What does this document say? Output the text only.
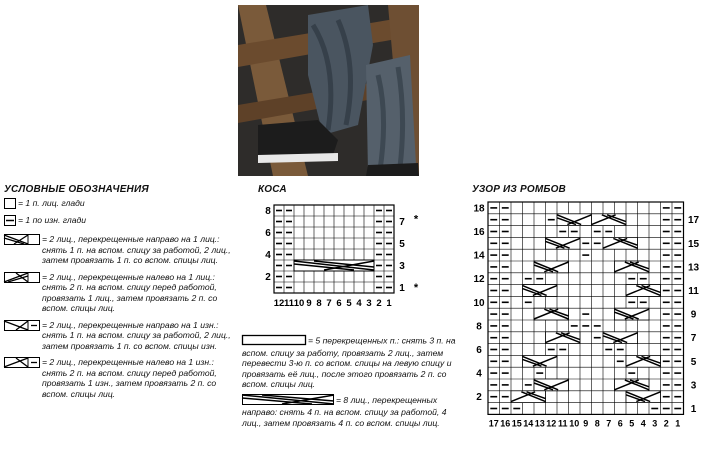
УСЛОВНЫЕ ОБОЗНАЧЕНИЯ
= 1 п. лиц. глади
= 1 по изн. глади
= 2 лиц., перекрещенные направо на 1 лиц.: снять 1 п. на вспом. спицу за работой, 2 лиц., затем провязать 1 п. со вспом. спицы лиц.
= 2 лиц., перекрещенные налево на 1 лиц.: снять 2 п. на вспом. спицу перед работой, провязать 1 лиц., затем провязать 2 п. со вспом. спицы лиц.
= 2 лиц., перекрещенные направо на 1 изн.: снять 1 п. на вспом. спицу за работой, 2 лиц., затем провязать 1 п. со вспом. спицы изн.
= 2 лиц., перекрещенные налево на 1 изн.: снять 2 п. на вспом. спицу перед работой, провязать 1 изн., затем провязать 2 п. со вспом. спицы лиц.
КОСА
8
6
4
2
7
5
3
1
*
*
12 11 10 9 8 7 6 5 4 3 2 1
УЗОР ИЗ РОМБОВ
18
16
14
12
10
8
6
4
2
17
15
13
11
9
7
5
3
1
17 16 15 14 13 12 11 10 9 8 7 6 5 4 3 2 1
= 5 перекрещенных п.: снять 3 п. на вспом. спицу за работу, провязать 2 лиц., затем перевести 3-ю п. со вспом. спицы на левую спицу и провязать её лиц., после этого провязать 2 п. со вспом. спицы лиц.
= 8 лиц., перекрещенных направо: снять 4 п. на вспом. спицу за работой, 4 лиц., затем провязать 4 п. со вспом. спицы лиц.
